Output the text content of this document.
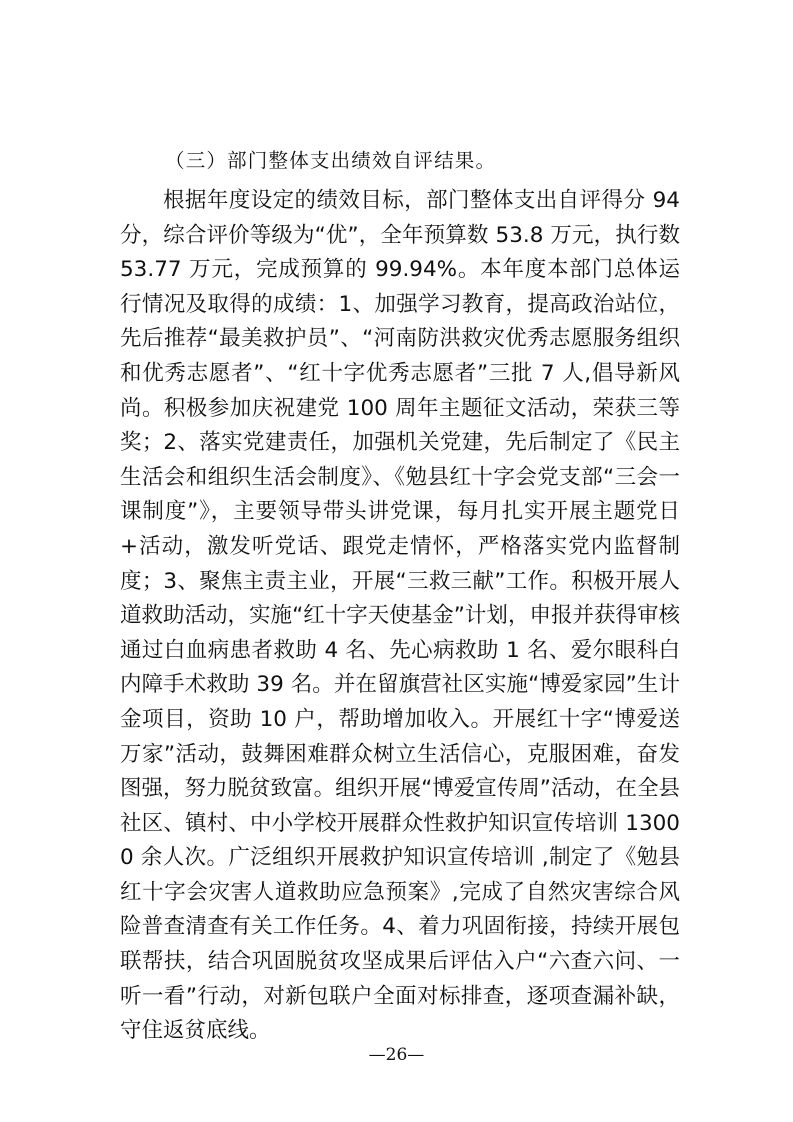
（三）部门整体支出绩效自评结果。

根据年度设定的绩效目标，部门整体支出自评得分 94 分，综合评价等级为“优”，全年预算数 53.8 万元，执行数 53.77 万元，完成预算的 99.94%。本年度本部门总体运行情况及取得的成绩：1、加强学习教育，提高政治站位，先后推荐“最美救护员”、“河南防洪救灾优秀志愿服务组织和优秀志愿者”、“红十字优秀志愿者”三批 7 人,倡导新风尚。积极参加庆祝建党 100 周年主题征文活动，荣获三等奖；2、落实党建责任，加强机关党建，先后制定了《民主生活会和组织生活会制度》、《勉县红十字会党支部“三会一课制度”》，主要领导带头讲党课，每月扎实开展主题党日+活动，激发听党话、跟党走情怀，严格落实党内监督制度；3、聚焦主责主业，开展“三救三献”工作。积极开展人道救助活动，实施“红十字天使基金”计划，申报并获得审核通过白血病患者救助 4 名、先心病救助 1 名、爱尔眼科白内障手术救助 39 名。并在留旗营社区实施“博爱家园”生计金项目，资助 10 户，帮助增加收入。开展红十字“博爱送万家”活动，鼓舞困难群众树立生活信心，克服困难，奋发图强，努力脱贫致富。组织开展“博爱宣传周”活动，在全县社区、镇村、中小学校开展群众性救护知识宣传培训 13000 余人次。广泛组织开展救护知识宣传培训 ,制定了《勉县红十字会灾害人道救助应急预案》,完成了自然灾害综合风险普查清查有关工作任务。4、着力巩固衔接，持续开展包联帮扶，结合巩固脱贫攻坚成果后评估入户“六查六问、一听一看”行动，对新包联户全面对标排查，逐项查漏补缺，守住返贫底线。

—26—
